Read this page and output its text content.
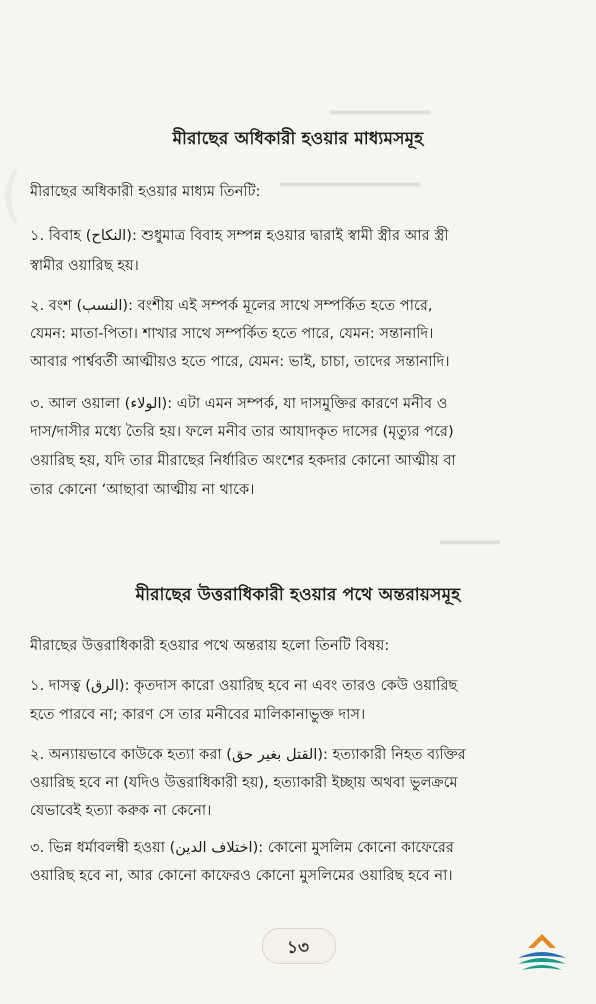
▂▂▂▂▂▂▂▂▂▂
▂▂▂▂▂▂▂▂▂▂▂▂▂▂
▂▂▂▂▂▂
(
মীরাছের অধিকারী হওয়ার মাধ্যমসমূহ
মীরাছের অধিকারী হওয়ার মাধ্যম তিনটি:
১. বিবাহ (النكاح): শুধুমাত্র বিবাহ সম্পন্ন হওয়ার দ্বারাই স্বামী স্ত্রীর আর স্ত্রী
স্বামীর ওয়ারিছ হয়।
২. বংশ (النسب): বংশীয় এই সম্পর্ক মূলের সাথে সম্পর্কিত হতে পারে,
যেমন: মাতা-পিতা। শাখার সাথে সম্পর্কিত হতে পারে, যেমন: সন্তানাদি।
আবার পার্শ্ববর্তী আত্মীয়ও হতে পারে, যেমন: ভাই, চাচা, তাদের সন্তানাদি।
৩. আল ওয়ালা (الولاء): এটা এমন সম্পর্ক, যা দাসমুক্তির কারণে মনীব ও
দাস/দাসীর মধ্যে তৈরি হয়। ফলে মনীব তার আযাদকৃত দাসের (মৃত্যুর পরে)
ওয়ারিছ হয়, যদি তার মীরাছের নির্ধারিত অংশের হকদার কোনো আত্মীয় বা
তার কোনো ‘আছাবা আত্মীয় না থাকে।
মীরাছের উত্তরাধিকারী হওয়ার পথে অন্তরায়সমূহ
মীরাছের উত্তরাধিকারী হওয়ার পথে অন্তরায় হলো তিনটি বিষয়:
১. দাসত্ব (الرق): কৃতদাস কারো ওয়ারিছ হবে না এবং তারও কেউ ওয়ারিছ
হতে পারবে না; কারণ সে তার মনীবের মালিকানাভুক্ত দাস।
২. অন্যায়ভাবে কাউকে হত্যা করা (القتل بغير حق): হত্যাকারী নিহত ব্যক্তির
ওয়ারিছ হবে না (যদিও উত্তরাধিকারী হয়), হত্যাকারী ইচ্ছায় অথবা ভুলক্রমে
যেভাবেই হত্যা করুক না কেনো।
৩. ভিন্ন ধর্মাবলম্বী হওয়া (اختلاف الدين): কোনো মুসলিম কোনো কাফেরের
ওয়ারিছ হবে না, আর কোনো কাফেরও কোনো মুসলিমের ওয়ারিছ হবে না।
১৩
